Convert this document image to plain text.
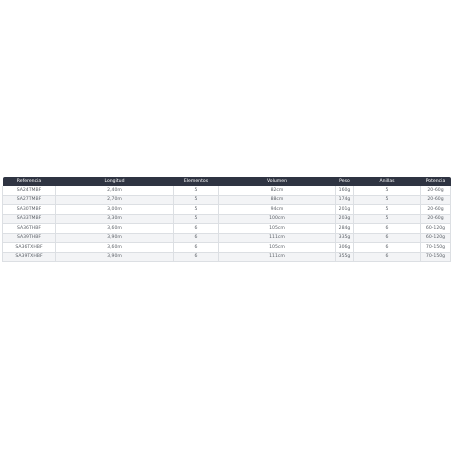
Referencia	Longitud	Elementos	Volumen	Peso	Anillas	Potencia
SA24TMBF	2,40m	5	82cm	160g	5	20-60g
SA27TMBF	2,70m	5	88cm	174g	5	20-60g
SA30TMBF	3,00m	5	94cm	201g	5	20-60g
SA33TMBF	3,30m	5	100cm	203g	5	20-60g
SA36THBF	3,60m	6	105cm	284g	6	60-120g
SA39THBF	3,90m	6	111cm	335g	6	60-120g
SA36TXHBF	3,60m	6	105cm	306g	6	70-150g
SA39TXHBF	3,90m	6	111cm	355g	6	70-150g
